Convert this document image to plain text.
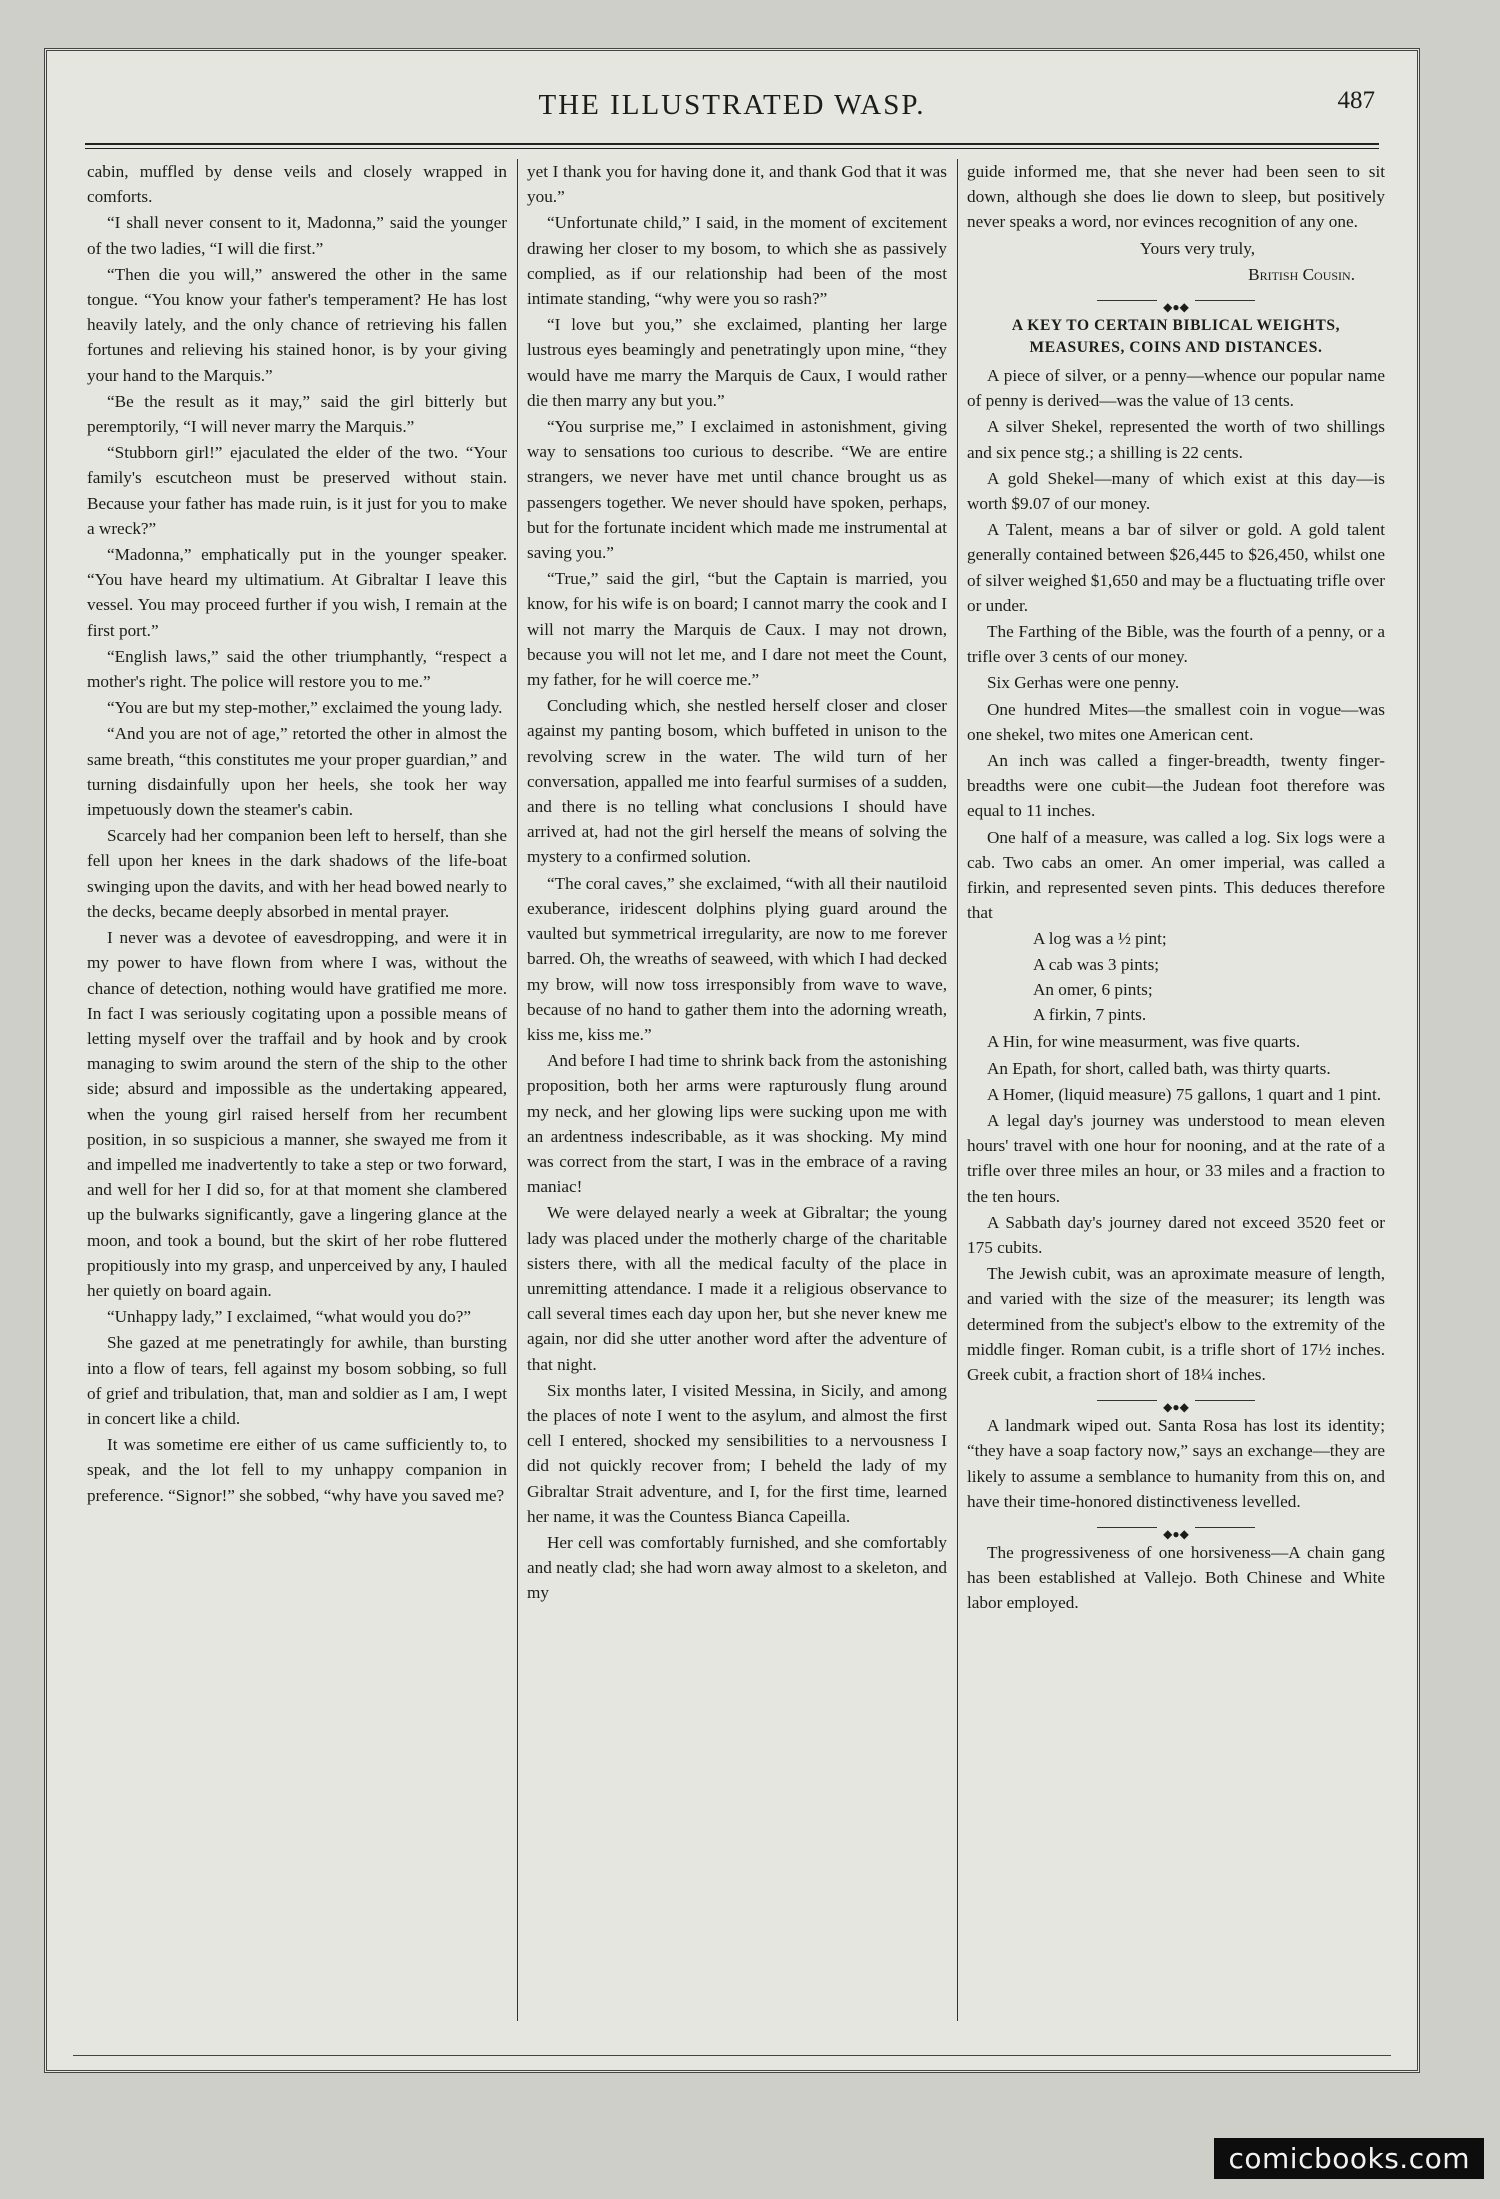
THE ILLUSTRATED WASP.	487

cabin, muffled by dense veils and closely wrapped in comforts.

“I shall never consent to it, Madonna,” said the younger of the two ladies, “I will die first.”

“Then die you will,” answered the other in the same tongue. “You know your father's temperament? He has lost heavily lately, and the only chance of retrieving his fallen fortunes and relieving his stained honor, is by your giving your hand to the Marquis.”

“Be the result as it may,” said the girl bitterly but peremptorily, “I will never marry the Marquis.”

“Stubborn girl!” ejaculated the elder of the two. “Your family's escutcheon must be preserved without stain. Because your father has made ruin, is it just for you to make a wreck?”

“Madonna,” emphatically put in the younger speaker. “You have heard my ultimatium. At Gibraltar I leave this vessel. You may proceed further if you wish, I remain at the first port.”

“English laws,” said the other triumphantly, “respect a mother's right. The police will restore you to me.”

“You are but my step-mother,” exclaimed the young lady.

“And you are not of age,” retorted the other in almost the same breath, “this constitutes me your proper guardian,” and turning disdainfully upon her heels, she took her way impetuously down the steamer's cabin.

Scarcely had her companion been left to herself, than she fell upon her knees in the dark shadows of the life-boat swinging upon the davits, and with her head bowed nearly to the decks, became deeply absorbed in mental prayer.

I never was a devotee of eavesdropping, and were it in my power to have flown from where I was, without the chance of detection, nothing would have gratified me more. In fact I was seriously cogitating upon a possible means of letting myself over the traffail and by hook and by crook managing to swim around the stern of the ship to the other side; absurd and impossible as the undertaking appeared, when the young girl raised herself from her recumbent position, in so suspicious a manner, she swayed me from it and impelled me inadvertently to take a step or two forward, and well for her I did so, for at that moment she clambered up the bulwarks significantly, gave a lingering glance at the moon, and took a bound, but the skirt of her robe fluttered propitiously into my grasp, and unperceived by any, I hauled her quietly on board again.

“Unhappy lady,” I exclaimed, “what would you do?”

She gazed at me penetratingly for awhile, than bursting into a flow of tears, fell against my bosom sobbing, so full of grief and tribulation, that, man and soldier as I am, I wept in concert like a child.

It was sometime ere either of us came sufficiently to, to speak, and the lot fell to my unhappy companion in preference. “Signor!” she sobbed, “why have you saved me?

yet I thank you for having done it, and thank God that it was you.”

“Unfortunate child,” I said, in the moment of excitement drawing her closer to my bosom, to which she as passively complied, as if our relationship had been of the most intimate standing, “why were you so rash?”

“I love but you,” she exclaimed, planting her large lustrous eyes beamingly and penetratingly upon mine, “they would have me marry the Marquis de Caux, I would rather die then marry any but you.”

“You surprise me,” I exclaimed in astonishment, giving way to sensations too curious to describe. “We are entire strangers, we never have met until chance brought us as passengers together. We never should have spoken, perhaps, but for the fortunate incident which made me instrumental at saving you.”

“True,” said the girl, “but the Captain is married, you know, for his wife is on board; I cannot marry the cook and I will not marry the Marquis de Caux. I may not drown, because you will not let me, and I dare not meet the Count, my father, for he will coerce me.”

Concluding which, she nestled herself closer and closer against my panting bosom, which buffeted in unison to the revolving screw in the water. The wild turn of her conversation, appalled me into fearful surmises of a sudden, and there is no telling what conclusions I should have arrived at, had not the girl herself the means of solving the mystery to a confirmed solution.

“The coral caves,” she exclaimed, “with all their nautiloid exuberance, iridescent dolphins plying guard around the vaulted but symmetrical irregularity, are now to me forever barred. Oh, the wreaths of seaweed, with which I had decked my brow, will now toss irresponsibly from wave to wave, because of no hand to gather them into the adorning wreath, kiss me, kiss me.”

And before I had time to shrink back from the astonishing proposition, both her arms were rapturously flung around my neck, and her glowing lips were sucking upon me with an ardentness indescribable, as it was shocking. My mind was correct from the start, I was in the embrace of a raving maniac!

We were delayed nearly a week at Gibraltar; the young lady was placed under the motherly charge of the charitable sisters there, with all the medical faculty of the place in unremitting attendance. I made it a religious observance to call several times each day upon her, but she never knew me again, nor did she utter another word after the adventure of that night.

Six months later, I visited Messina, in Sicily, and among the places of note I went to the asylum, and almost the first cell I entered, shocked my sensibilities to a nervousness I did not quickly recover from; I beheld the lady of my Gibraltar Strait adventure, and I, for the first time, learned her name, it was the Countess Bianca Capeilla.

Her cell was comfortably furnished, and she comfortably and neatly clad; she had worn away almost to a skeleton, and my

guide informed me, that she never had been seen to sit down, although she does lie down to sleep, but positively never speaks a word, nor evinces recognition of any one.

Yours very truly,

British Cousin.

◆●◆
A KEY TO CERTAIN BIBLICAL WEIGHTS, MEASURES, COINS AND DISTANCES.

A piece of silver, or a penny—whence our popular name of penny is derived—was the value of 13 cents.

A silver Shekel, represented the worth of two shillings and six pence stg.; a shilling is 22 cents.

A gold Shekel—many of which exist at this day—is worth $9.07 of our money.

A Talent, means a bar of silver or gold. A gold talent generally contained between $26,445 to $26,450, whilst one of silver weighed $1,650 and may be a fluctuating trifle over or under.

The Farthing of the Bible, was the fourth of a penny, or a trifle over 3 cents of our money.

Six Gerhas were one penny.

One hundred Mites—the smallest coin in vogue—was one shekel, two mites one American cent.

An inch was called a finger-breadth, twenty finger-breadths were one cubit—the Judean foot therefore was equal to 11 inches.

One half of a measure, was called a log. Six logs were a cab. Two cabs an omer. An omer imperial, was called a firkin, and represented seven pints. This deduces therefore that

A log was a ½ pint;
A cab was 3 pints;
An omer, 6 pints;
A firkin, 7 pints.

A Hin, for wine measurment, was five quarts.

An Epath, for short, called bath, was thirty quarts.

A Homer, (liquid measure) 75 gallons, 1 quart and 1 pint.

A legal day's journey was understood to mean eleven hours' travel with one hour for nooning, and at the rate of a trifle over three miles an hour, or 33 miles and a fraction to the ten hours.

A Sabbath day's journey dared not exceed 3520 feet or 175 cubits.

The Jewish cubit, was an aproximate measure of length, and varied with the size of the measurer; its length was determined from the subject's elbow to the extremity of the middle finger. Roman cubit, is a trifle short of 17½ inches. Greek cubit, a fraction short of 18¼ inches.

◆●◆

A landmark wiped out. Santa Rosa has lost its identity; “they have a soap factory now,” says an exchange—they are likely to assume a semblance to humanity from this on, and have their time-honored distinctiveness levelled.

◆●◆

The progressiveness of one horsiveness—A chain gang has been established at Vallejo. Both Chinese and White labor employed.

comicbooks.com
